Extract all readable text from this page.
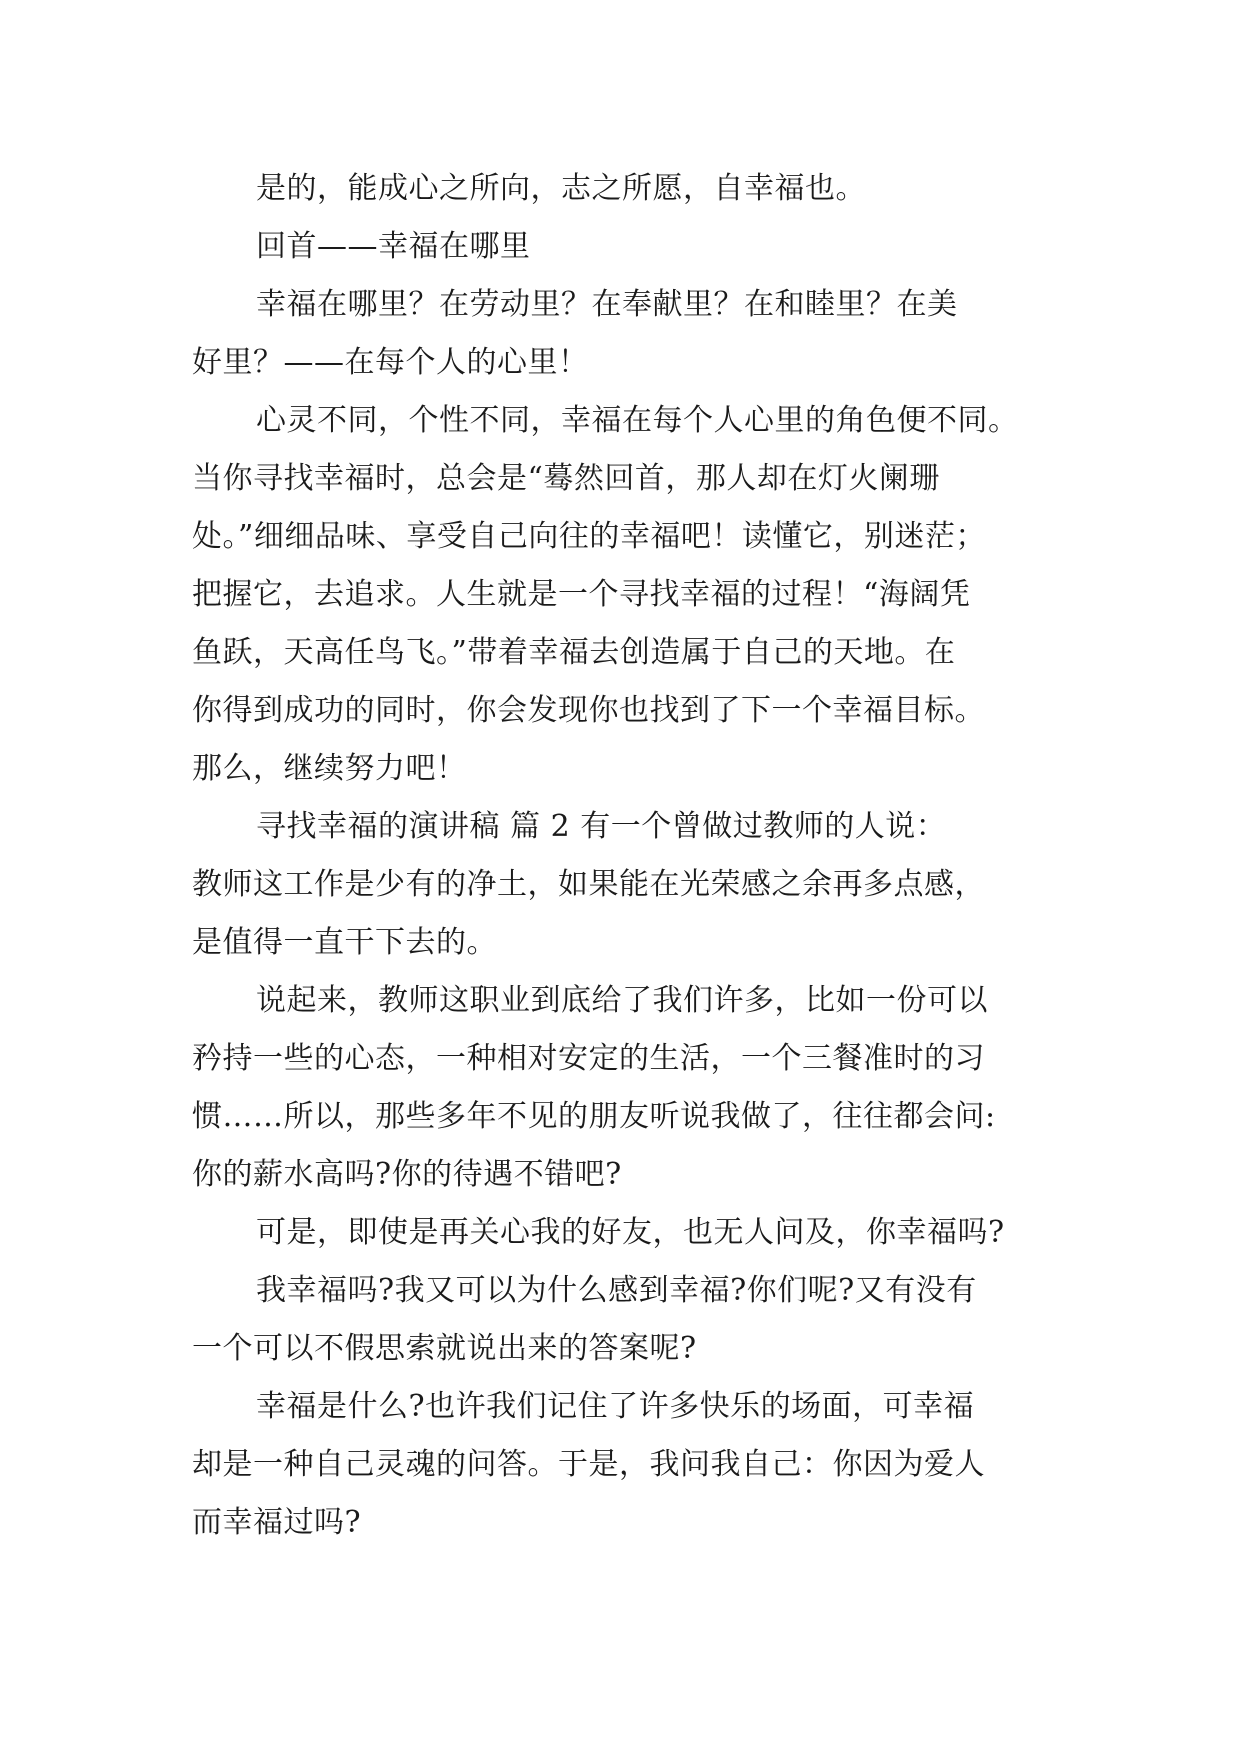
是的，能成心之所向，志之所愿，自幸福也。
回首——幸福在哪里
幸福在哪里？在劳动里？在奉献里？在和睦里？在美
好里？——在每个人的心里！
心灵不同，个性不同，幸福在每个人心里的角色便不同。
当你寻找幸福时，总会是“蓦然回首，那人却在灯火阑珊
处。”细细品味、享受自己向往的幸福吧！读懂它，别迷茫；
把握它，去追求。人生就是一个寻找幸福的过程！“海阔凭
鱼跃，天高任鸟飞。”带着幸福去创造属于自己的天地。在
你得到成功的同时，你会发现你也找到了下一个幸福目标。
那么，继续努力吧！
寻找幸福的演讲稿 篇 2 有一个曾做过教师的人说：
教师这工作是少有的净土，如果能在光荣感之余再多点感，
是值得一直干下去的。
说起来，教师这职业到底给了我们许多，比如一份可以
矜持一些的心态，一种相对安定的生活，一个三餐准时的习
惯……所以，那些多年不见的朋友听说我做了，往往都会问:
你的薪水高吗?你的待遇不错吧?
可是，即使是再关心我的好友，也无人问及，你幸福吗?
我幸福吗?我又可以为什么感到幸福?你们呢?又有没有
一个可以不假思索就说出来的答案呢?
幸福是什么?也许我们记住了许多快乐的场面，可幸福
却是一种自己灵魂的问答。于是，我问我自己：你因为爱人
而幸福过吗?
